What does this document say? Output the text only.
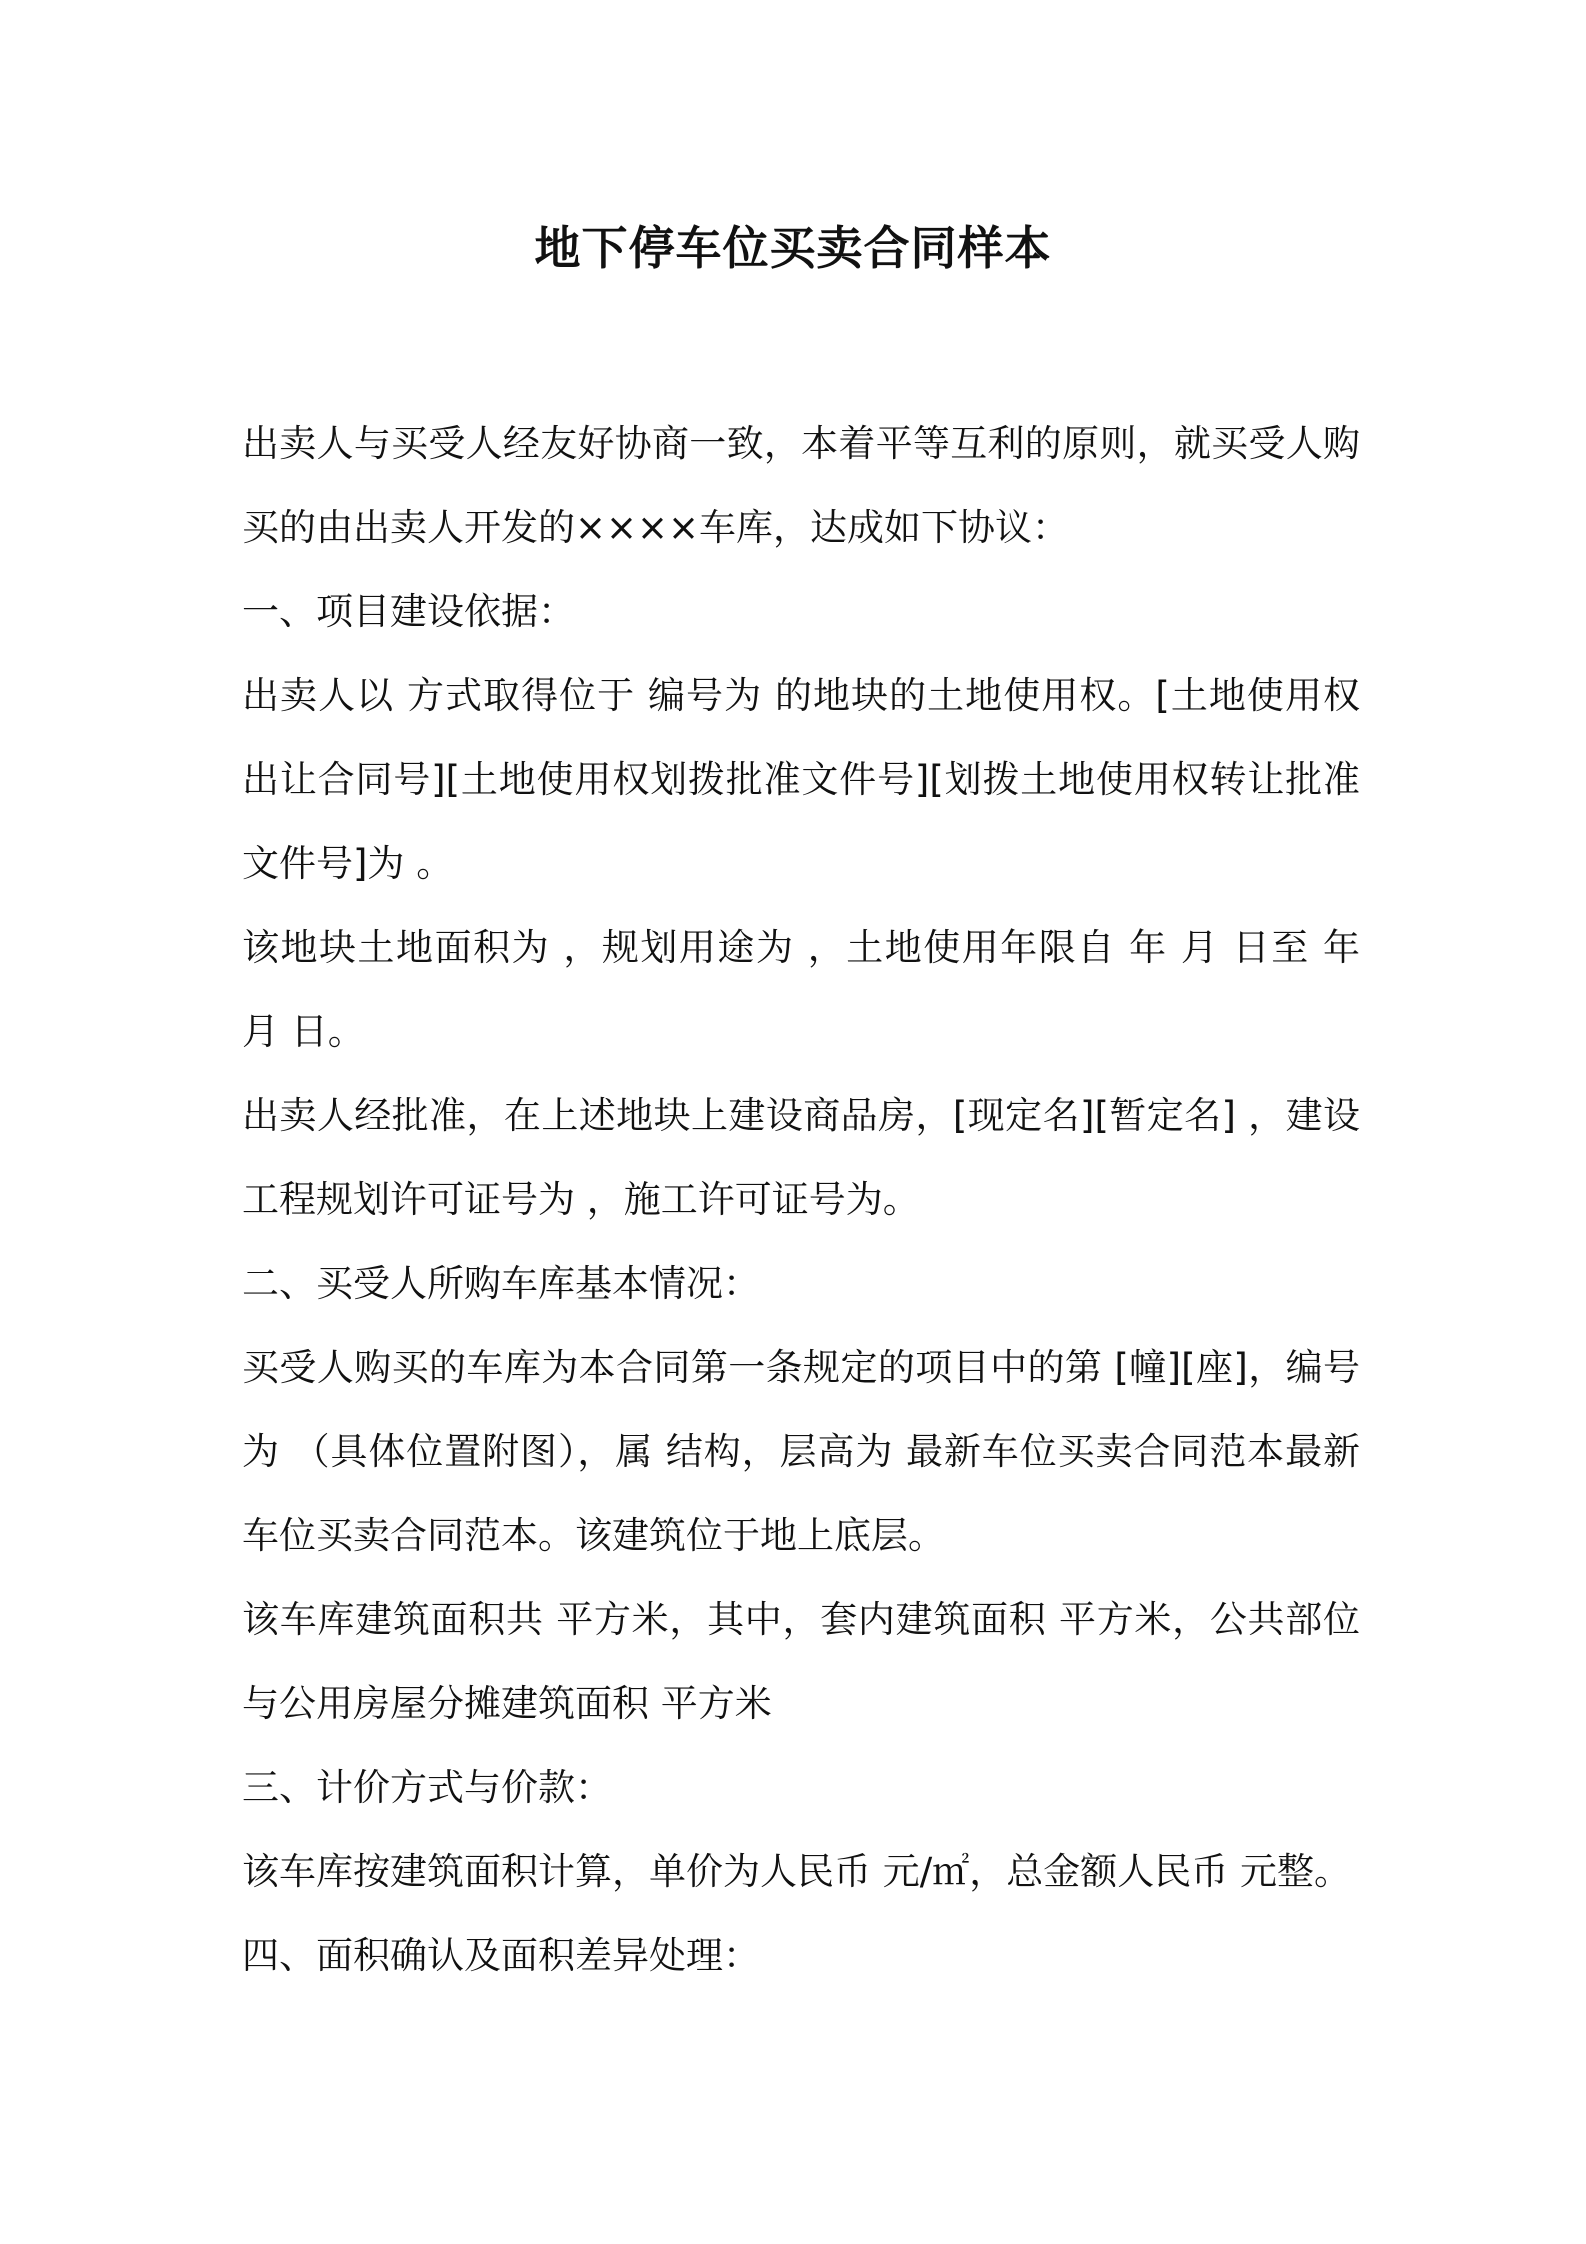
地下停车位买卖合同样本

出卖人与买受人经友好协商一致，本着平等互利的原则，就买受人购买的由出卖人开发的××××车库，达成如下协议：

一、项目建设依据：

出卖人以 方式取得位于 编号为 的地块的土地使用权。[土地使用权出让合同号][土地使用权划拨批准文件号][划拨土地使用权转让批准文件号]为 。

该地块土地面积为 ，规划用途为 ，土地使用年限自 年 月 日至 年 月 日。

出卖人经批准，在上述地块上建设商品房，[现定名][暂定名] ，建设工程规划许可证号为 ，施工许可证号为。

二、买受人所购车库基本情况：

买受人购买的车库为本合同第一条规定的项目中的第 [幢][座]，编号为 （具体位置附图），属 结构，层高为 最新车位买卖合同范本最新车位买卖合同范本。该建筑位于地上底层。

该车库建筑面积共 平方米，其中，套内建筑面积 平方米，公共部位与公用房屋分摊建筑面积 平方米

三、计价方式与价款：

该车库按建筑面积计算，单价为人民币 元/㎡，总金额人民币 元整。

四、面积确认及面积差异处理：
